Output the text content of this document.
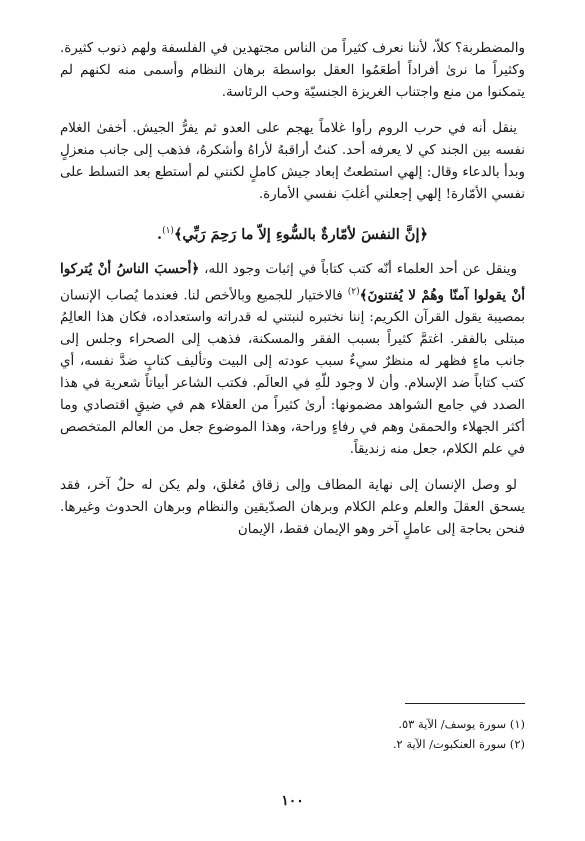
والمضطربة؟ كلاّ، لأننا نعرف كثيراً من الناس مجتهدين في الفلسفة ولهم ذنوب كثيرة. وكثيراً ما نرىٰ أفراداً أطعَمُوا العقل بواسطة برهان النظام وأسمى منه لكنهم لم يتمكنوا من منع واجتناب الغريزة الجنسيّة وحب الرئاسة.

ينقل أنه في حرب الروم رأوا غلاماً يهجم على العدو ثم يفرُّ الجيش. أخفىٰ الغلام نفسه بين الجند كي لا يعرفه أحد. كنتُ أراقبهُ لأراهُ وأشكرهُ، فذهب إلى جانب منعزلٍ وبدأ بالدعاء وقال: إلهي استطعتُ إبعاد جيش كاملٍ لكنني لم أستطع بعد التسلط على نفسي الأمّارة! إلهي إجعلني أغلبَ نفسي الأمارة.

﴿إنَّ النفسَ لأمّارةٌ بالسُّوءِ إلاّ ما رَحِمَ رَبِّي﴾$^{(١)}$.

وينقل عن أحد العلماء أنّه كتب كتاباً في إثبات وجود الله، ﴿أحسبَ الناسُ أنْ يُتركوا أنْ يقولوا آمنّا وهُمْ لا يُفتنونَ﴾$^{(٢)}$ فالاختيار للجميع وبالأخص لنا. فعندما يُصاب الإنسان بمصيبة يقول القرآن الكريم: إننا نختبره لنبتني له قدراته واستعداده، فكان هذا العالِمُ مبتلى بالفقر. اغتمَّ كثيراً بسبب الفقر والمسكنة، فذهب إلى الصحراء وجلس إلى جانب ماءٍ فظهر له منظرٌ سيءٌ سبب عودته إلى البيت وتأليف كتابٍ ضدَّ نفسه، أي كتب كتاباً ضد الإسلام. وأن لا وجود للّهِ في العالَم. فكتب الشاعر أبياتاً شعرية في هذا الصدد في جامع الشواهد مضمونها: أرىٰ كثيراً من العقلاء هم في ضيقٍ اقتصادي وما أكثر الجهلاء والحمقىٰ وهم في رفاءٍ وراحة، وهذا الموضوع جعل من العالم المتخصص في علم الكلام، جعل منه زنديقاً.

لو وصل الإنسان إلى نهاية المطاف وإلى زقاق مُغلق، ولم يكن له حلٌ آخر، فقد يسحق العقلَ والعلم وعلم الكلام وبرهان الصدّيقين والنظام وبرهان الحدوث وغيرها. فنحن بحاجة إلى عاملٍ آخر وهو الإيمان فقط، الإيمان

(١) سورة يوسف/ الآية ٥٣.

(٢) سورة العنكبوت/ الآية ٢.

١٠٠
